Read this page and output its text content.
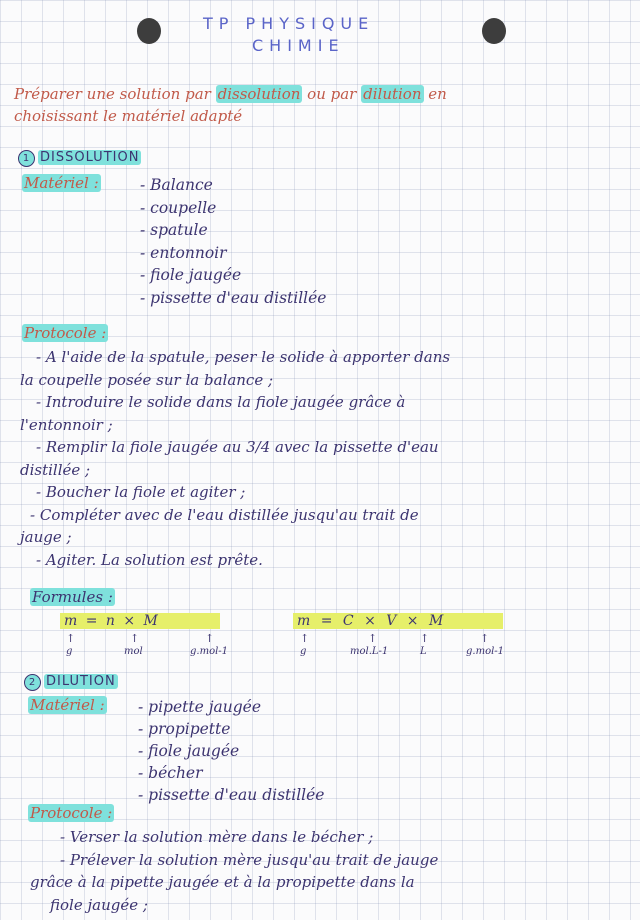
TP PHYSIQUE
CHIMIE
Préparer une solution par dissolution ou par dilution en
choisissant le matériel adapté
1 DISSOLUTION
Matériel :	- Balance
- coupelle
- spatule
- entonnoir
- fiole jaugée
- pissette d'eau distillée
Protocole :
- A l'aide de la spatule, peser le solide à apporter dans
la coupelle posée sur la balance ;
- Introduire le solide dans la fiole jaugée grâce à
l'entonnoir ;
- Remplir la fiole jaugée au 3/4 avec la pissette d'eau
distillée ;
- Boucher la fiole et agiter ;
- Compléter avec de l'eau distillée jusqu'au trait de
jauge ;
- Agiter. La solution est prête.
Formules :
m = n × M
↑	↑	↑
g	mol	g.mol-1
m = C × V × M
↑	↑	↑	↑
g	mol.L-1	L	g.mol-1
2 DILUTION
Matériel : - pipette jaugée
- propipette
- fiole jaugée
- bécher
- pissette d'eau distillée
Protocole :
- Verser la solution mère dans le bécher ;
- Prélever la solution mère jusqu'au trait de jauge
grâce à la pipette jaugée et à la propipette dans la
fiole jaugée ;
